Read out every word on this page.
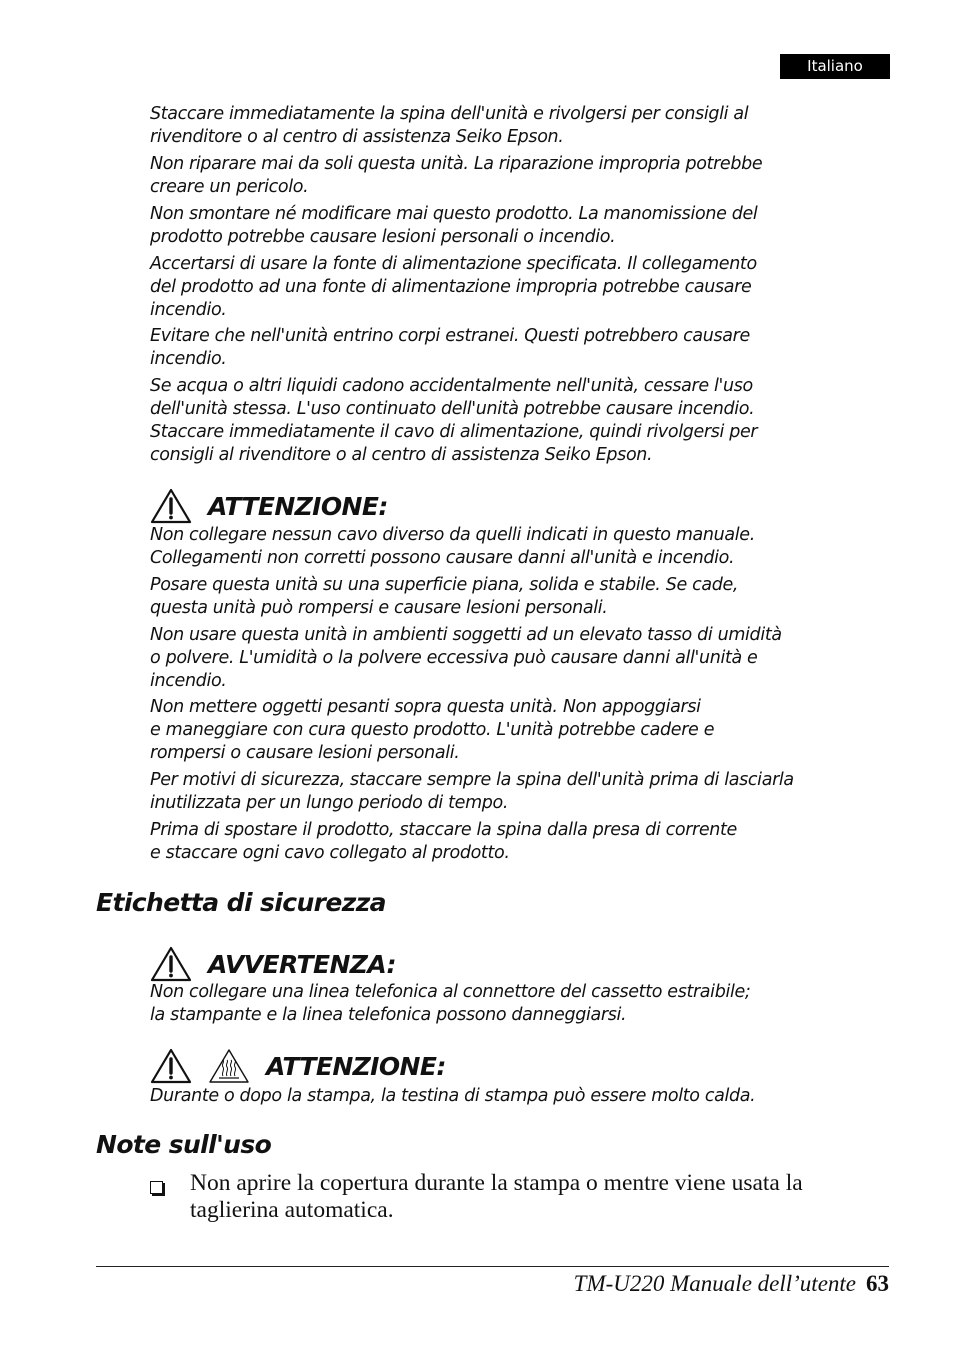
Italiano

Staccare immediatamente la spina dell'unità e rivolgersi per consigli al
rivenditore o al centro di assistenza Seiko Epson.

Non riparare mai da soli questa unità. La riparazione impropria potrebbe
creare un pericolo.

Non smontare né modificare mai questo prodotto. La manomissione del
prodotto potrebbe causare lesioni personali o incendio.

Accertarsi di usare la fonte di alimentazione specificata. Il collegamento
del prodotto ad una fonte di alimentazione impropria potrebbe causare
incendio.

Evitare che nell'unità entrino corpi estranei. Questi potrebbero causare
incendio.

Se acqua o altri liquidi cadono accidentalmente nell'unità, cessare l'uso
dell'unità stessa. L'uso continuato dell'unità potrebbe causare incendio.
Staccare immediatamente il cavo di alimentazione, quindi rivolgersi per
consigli al rivenditore o al centro di assistenza Seiko Epson.

ATTENZIONE:

Non collegare nessun cavo diverso da quelli indicati in questo manuale.
Collegamenti non corretti possono causare danni all'unità e incendio.

Posare questa unità su una superficie piana, solida e stabile. Se cade,
questa unità può rompersi e causare lesioni personali.

Non usare questa unità in ambienti soggetti ad un elevato tasso di umidità
o polvere. L'umidità o la polvere eccessiva può causare danni all'unità e
incendio.

Non mettere oggetti pesanti sopra questa unità. Non appoggiarsi
e maneggiare con cura questo prodotto. L'unità potrebbe cadere e
rompersi o causare lesioni personali.

Per motivi di sicurezza, staccare sempre la spina dell'unità prima di lasciarla
inutilizzata per un lungo periodo di tempo.

Prima di spostare il prodotto, staccare la spina dalla presa di corrente
e staccare ogni cavo collegato al prodotto.

Etichetta di sicurezza
AVVERTENZA:

Non collegare una linea telefonica al connettore del cassetto estraibile;
la stampante e la linea telefonica possono danneggiarsi.

ATTENZIONE:

Durante o dopo la stampa, la testina di stampa può essere molto calda.

Note sull'uso
Non aprire la copertura durante la stampa o mentre viene usata la
taglierina automatica.
TM-U220 Manuale dell’utente 63
